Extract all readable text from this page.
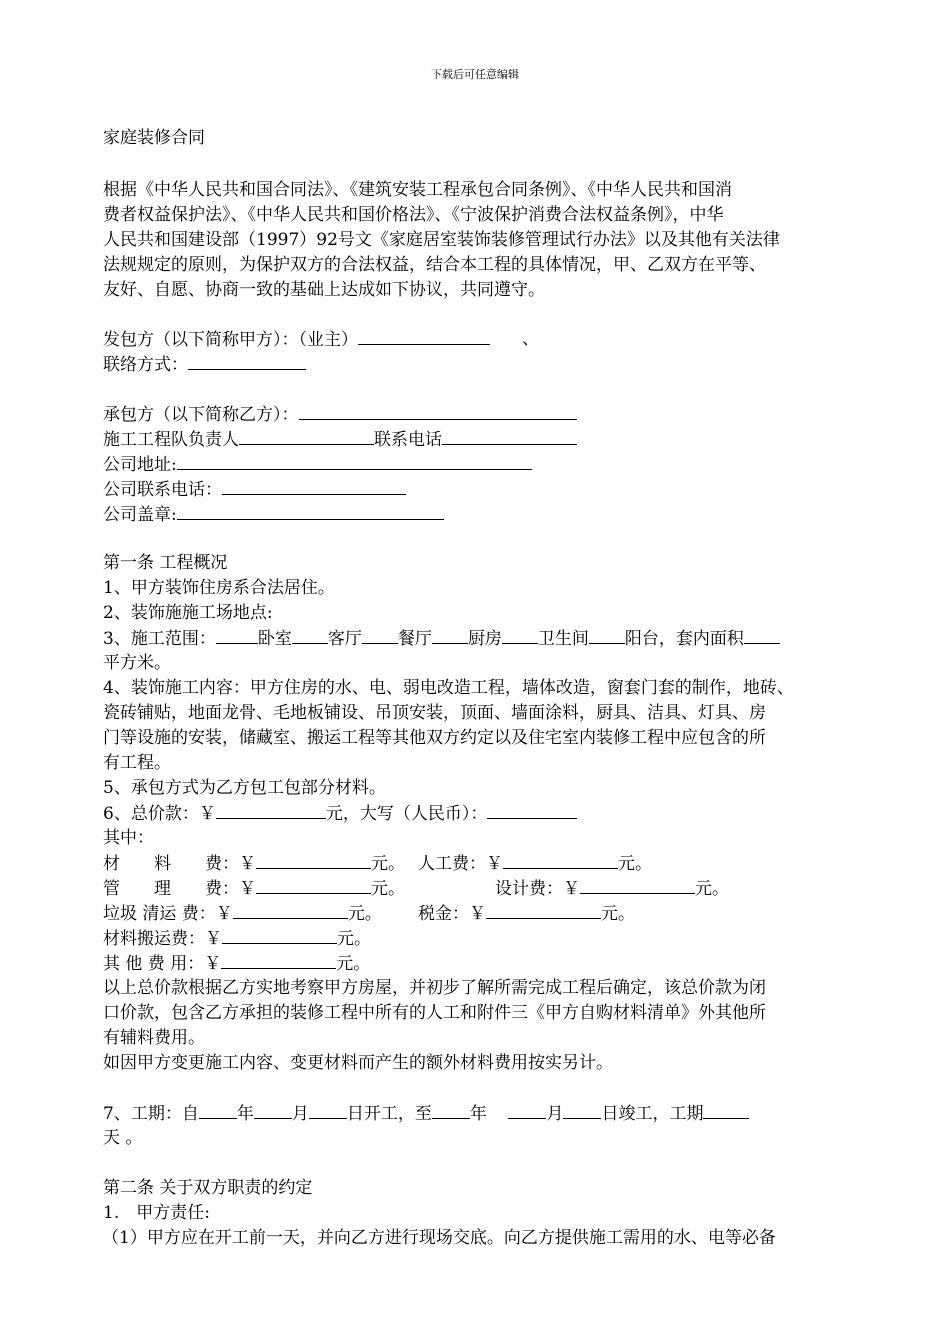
下载后可任意编辑
家庭装修合同
根据《中华人民共和国合同法》、《建筑安装工程承包合同条例》、《中华人民共和国消
费者权益保护法》、《中华人民共和国价格法》、《宁波保护消费合法权益条例》，中华
人民共和国建设部（1997）92号文《家庭居室装饰装修管理试行办法》以及其他有关法律
法规规定的原则，为保护双方的合法权益，结合本工程的具体情况，甲、乙双方在平等、
友好、自愿、协商一致的基础上达成如下协议，共同遵守。
发包方（以下简称甲方）：（业主）	、
联络方式：
承包方（以下简称乙方）：
施工工程队负责人	联系电话
公司地址:
公司联系电话：
公司盖章:
第一条 工程概况
1、甲方装饰住房系合法居住。
2、装饰施施工场地点:
3、施工范围： 卧室 客厅 餐厅 厨房 卫生间 阳台，套内面积
平方米。
4、装饰施工内容：甲方住房的水、电、弱电改造工程，墙体改造，窗套门套的制作，地砖、
瓷砖铺贴，地面龙骨、毛地板铺设、吊顶安装，顶面、墙面涂料，厨具、洁具、灯具、房
门等设施的安装，储藏室、搬运工程等其他双方约定以及住宅室内装修工程中应包含的所
有工程。
5、承包方式为乙方包工包部分材料。
6、总价款：￥	元，大写（人民币）：
其中：
材　　料　　费：￥	元。 人工费：￥	元。
管　　理　　费：￥	元。	设计费：￥	元。
垃圾 清运 费：￥	元。 税金：￥	元。
材料搬运费：￥	元。
其 他 费 用：￥	元。
以上总价款根据乙方实地考察甲方房屋，并初步了解所需完成工程后确定，该总价款为闭
口价款，包含乙方承担的装修工程中所有的人工和附件三《甲方自购材料清单》外其他所
有辅料费用。
如因甲方变更施工内容、变更材料而产生的额外材料费用按实另计。
7、工期：自 年 月 日开工，至 年	月 日竣工，工期
天 。
第二条 关于双方职责的约定
1.　甲方责任:
（1）甲方应在开工前一天，并向乙方进行现场交底。向乙方提供施工需用的水、电等必备
